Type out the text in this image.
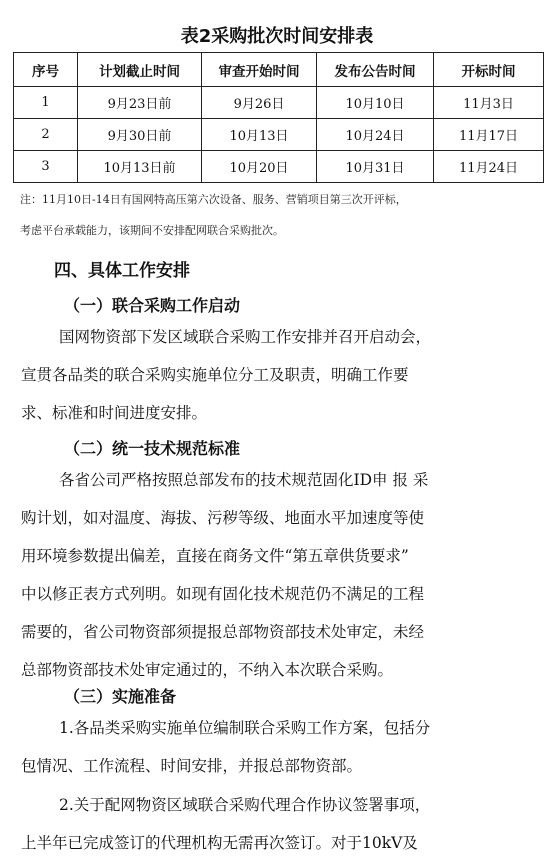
表2采购批次时间安排表
序号	计划截止时间	审查开始时间	发布公告时间	开标时间
1	9月23日前	9月26日	10月10日	11月3日
2	9月30日前	10月13日	10月24日	11月17日
3	10月13日前	10月20日	10月31日	11月24日
注：11月10日-14日有国网特高压第六次设备、服务、营销项目第三次开评标，
考虑平台承载能力，该期间不安排配网联合采购批次。
四、具体工作安排
（一）联合采购工作启动
国网物资部下发区域联合采购工作安排并召开启动会，
宣贯各品类的联合采购实施单位分工及职责，明确工作要
求、标准和时间进度安排。
（二）统一技术规范标准
各省公司严格按照总部发布的技术规范固化ID申 报 采
购计划，如对温度、海拔、污秽等级、地面水平加速度等使
用环境参数提出偏差，直接在商务文件“第五章供货要求”
中以修正表方式列明。如现有固化技术规范仍不满足的工程
需要的，省公司物资部须提报总部物资部技术处审定，未经
总部物资部技术处审定通过的，不纳入本次联合采购。
（三）实施准备
1.各品类采购实施单位编制联合采购工作方案，包括分
包情况、工作流程、时间安排，并报总部物资部。
2.关于配网物资区域联合采购代理合作协议签署事项，
上半年已完成签订的代理机构无需再次签订。对于10kV及
